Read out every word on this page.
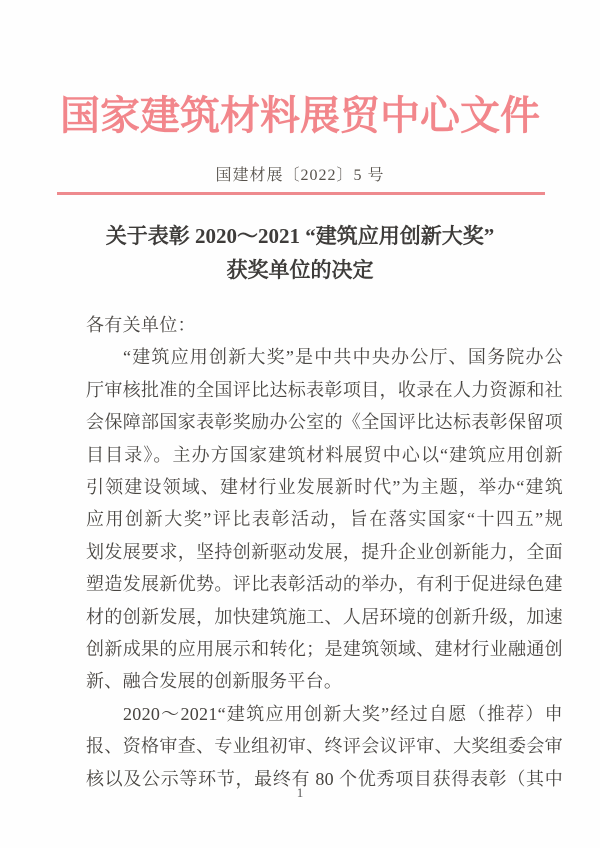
国家建筑材料展贸中心文件
国建材展〔2022〕5 号
关于表彰 2020～2021 “建筑应用创新大奖”
获奖单位的决定
各有关单位：
“建筑应用创新大奖”是中共中央办公厅、国务院办公
厅审核批准的全国评比达标表彰项目，收录在人力资源和社
会保障部国家表彰奖励办公室的《全国评比达标表彰保留项
目目录》。主办方国家建筑材料展贸中心以“建筑应用创新
引领建设领域、建材行业发展新时代”为主题，举办“建筑
应用创新大奖”评比表彰活动，旨在落实国家“十四五”规
划发展要求，坚持创新驱动发展，提升企业创新能力，全面
塑造发展新优势。评比表彰活动的举办，有利于促进绿色建
材的创新发展，加快建筑施工、人居环境的创新升级，加速
创新成果的应用展示和转化；是建筑领域、建材行业融通创
新、融合发展的创新服务平台。
2020～2021“建筑应用创新大奖”经过自愿（推荐）申
报、资格审查、专业组初审、终评会议评审、大奖组委会审
核以及公示等环节，最终有 80 个优秀项目获得表彰（其中
1
